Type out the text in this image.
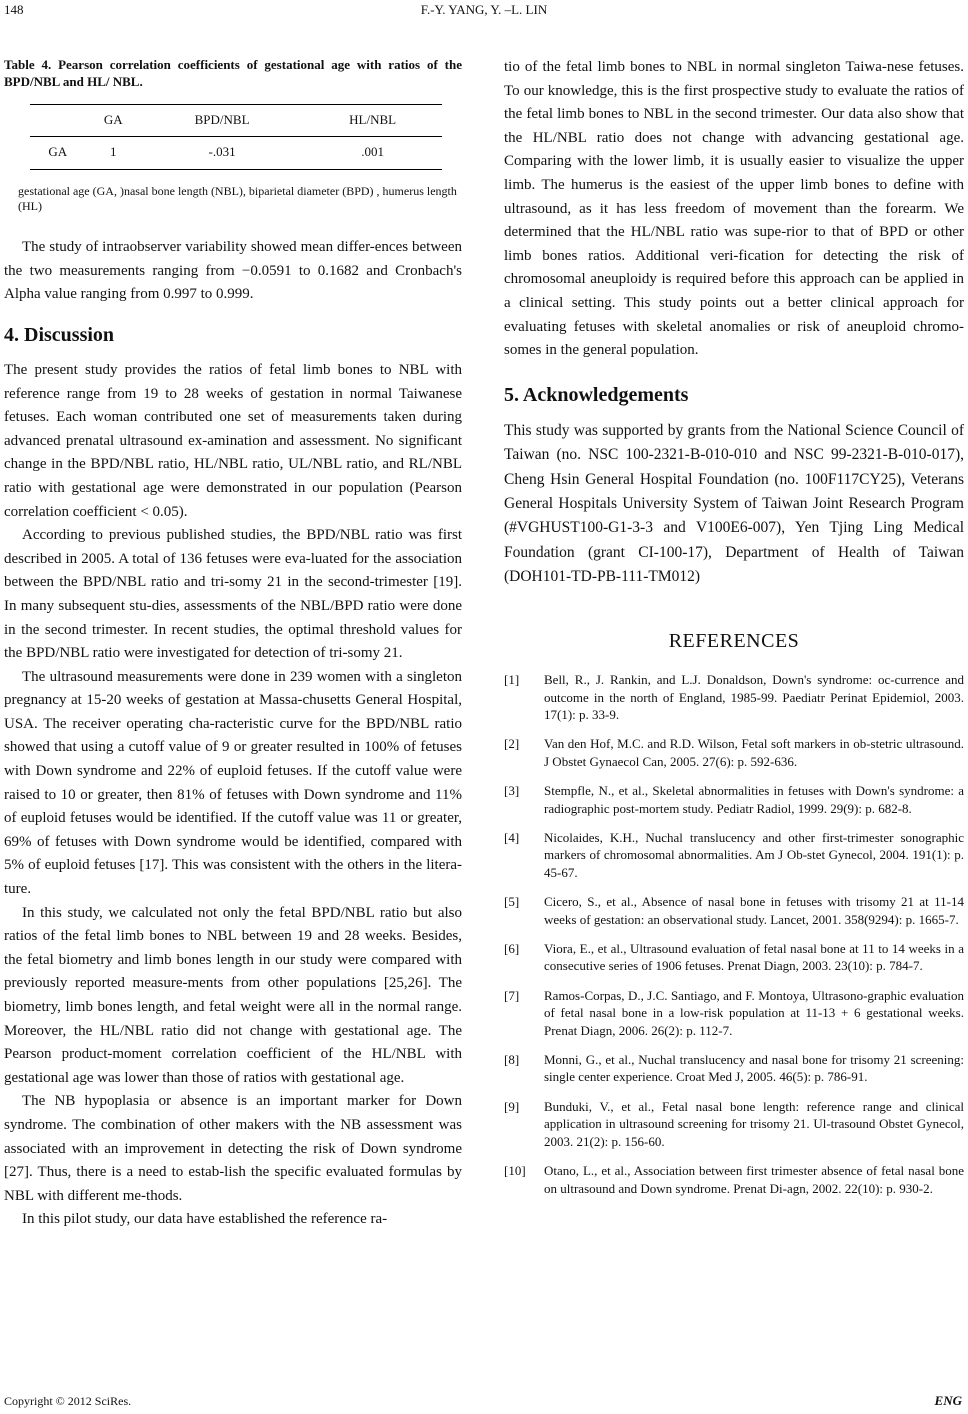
148	F.-Y. YANG, Y. –L. LIN

Table 4. Pearson correlation coefficients of gestational age with ratios of the BPD/NBL and HL/ NBL.

	GA	BPD/NBL	HL/NBL
GA	1	-.031	.001

gestational age (GA, )nasal bone length (NBL), biparietal diameter (BPD) , humerus length (HL)

The study of intraobserver variability showed mean differ-ences between the two measurements ranging from −0.0591 to 0.1682 and Cronbach's Alpha value ranging from 0.997 to 0.999.

4. Discussion

The present study provides the ratios of fetal limb bones to NBL with reference range from 19 to 28 weeks of gestation in normal Taiwanese fetuses. Each woman contributed one set of measurements taken during advanced prenatal ultrasound ex-amination and assessment. No significant change in the BPD/NBL ratio, HL/NBL ratio, UL/NBL ratio, and RL/NBL ratio with gestational age were demonstrated in our population (Pearson correlation coefficient < 0.05).

According to previous published studies, the BPD/NBL ratio was first described in 2005. A total of 136 fetuses were eva-luated for the association between the BPD/NBL ratio and tri-somy 21 in the second-trimester [19]. In many subsequent stu-dies, assessments of the NBL/BPD ratio were done in the second trimester. In recent studies, the optimal threshold values for the BPD/NBL ratio were investigated for detection of tri-somy 21.

The ultrasound measurements were done in 239 women with a singleton pregnancy at 15-20 weeks of gestation at Massa-chusetts General Hospital, USA. The receiver operating cha-racteristic curve for the BPD/NBL ratio showed that using a cutoff value of 9 or greater resulted in 100% of fetuses with Down syndrome and 22% of euploid fetuses. If the cutoff value were raised to 10 or greater, then 81% of fetuses with Down syndrome and 11% of euploid fetuses would be identified. If the cutoff value was 11 or greater, 69% of fetuses with Down syndrome would be identified, compared with 5% of euploid fetuses [17]. This was consistent with the others in the litera-ture.

In this study, we calculated not only the fetal BPD/NBL ratio but also ratios of the fetal limb bones to NBL between 19 and 28 weeks. Besides, the fetal biometry and limb bones length in our study were compared with previously reported measure-ments from other populations [25,26]. The biometry, limb bones length, and fetal weight were all in the normal range. Moreover, the HL/NBL ratio did not change with gestational age. The Pearson product-moment correlation coefficient of the HL/NBL with gestational age was lower than those of ratios with gestational age.

The NB hypoplasia or absence is an important marker for Down syndrome. The combination of other makers with the NB assessment was associated with an improvement in detecting the risk of Down syndrome [27]. Thus, there is a need to estab-lish the specific evaluated formulas by NBL with different me-thods.

In this pilot study, our data have established the reference ra-

tio of the fetal limb bones to NBL in normal singleton Taiwa-nese fetuses. To our knowledge, this is the first prospective study to evaluate the ratios of the fetal limb bones to NBL in the second trimester. Our data also show that the HL/NBL ratio does not change with advancing gestational age. Comparing with the lower limb, it is usually easier to visualize the upper limb. The humerus is the easiest of the upper limb bones to define with ultrasound, as it has less freedom of movement than the forearm. We determined that the HL/NBL ratio was supe-rior to that of BPD or other limb bones ratios. Additional veri-fication for detecting the risk of chromosomal aneuploidy is required before this approach can be applied in a clinical setting. This study points out a better clinical approach for evaluating fetuses with skeletal anomalies or risk of aneuploid chromo-somes in the general population.

5. Acknowledgements

This study was supported by grants from the National Science Council of Taiwan (no. NSC 100-2321-B-010-010 and NSC 99-2321-B-010-017), Cheng Hsin General Hospital Foundation (no. 100F117CY25), Veterans General Hospitals University System of Taiwan Joint Research Program (#VGHUST100-G1-3-3 and V100E6-007), Yen Tjing Ling Medical Foundation (grant CI-100-17), Department of Health of Taiwan (DOH101-TD-PB-111-TM012)

REFERENCES
[1] Bell, R., J. Rankin, and L.J. Donaldson, Down's syndrome: oc-currence and outcome in the north of England, 1985-99. Paediatr Perinat Epidemiol, 2003. 17(1): p. 33-9.
[2] Van den Hof, M.C. and R.D. Wilson, Fetal soft markers in ob-stetric ultrasound. J Obstet Gynaecol Can, 2005. 27(6): p. 592-636.
[3] Stempfle, N., et al., Skeletal abnormalities in fetuses with Down's syndrome: a radiographic post-mortem study. Pediatr Radiol, 1999. 29(9): p. 682-8.
[4] Nicolaides, K.H., Nuchal translucency and other first-trimester sonographic markers of chromosomal abnormalities. Am J Ob-stet Gynecol, 2004. 191(1): p. 45-67.
[5] Cicero, S., et al., Absence of nasal bone in fetuses with trisomy 21 at 11-14 weeks of gestation: an observational study. Lancet, 2001. 358(9294): p. 1665-7.
[6] Viora, E., et al., Ultrasound evaluation of fetal nasal bone at 11 to 14 weeks in a consecutive series of 1906 fetuses. Prenat Diagn, 2003. 23(10): p. 784-7.
[7] Ramos-Corpas, D., J.C. Santiago, and F. Montoya, Ultrasono-graphic evaluation of fetal nasal bone in a low-risk population at 11-13 + 6 gestational weeks. Prenat Diagn, 2006. 26(2): p. 112-7.
[8] Monni, G., et al., Nuchal translucency and nasal bone for trisomy 21 screening: single center experience. Croat Med J, 2005. 46(5): p. 786-91.
[9] Bunduki, V., et al., Fetal nasal bone length: reference range and clinical application in ultrasound screening for trisomy 21. Ul-trasound Obstet Gynecol, 2003. 21(2): p. 156-60.
[10] Otano, L., et al., Association between first trimester absence of fetal nasal bone on ultrasound and Down syndrome. Prenat Di-agn, 2002. 22(10): p. 930-2.
Copyright © 2012 SciRes.	ENG
